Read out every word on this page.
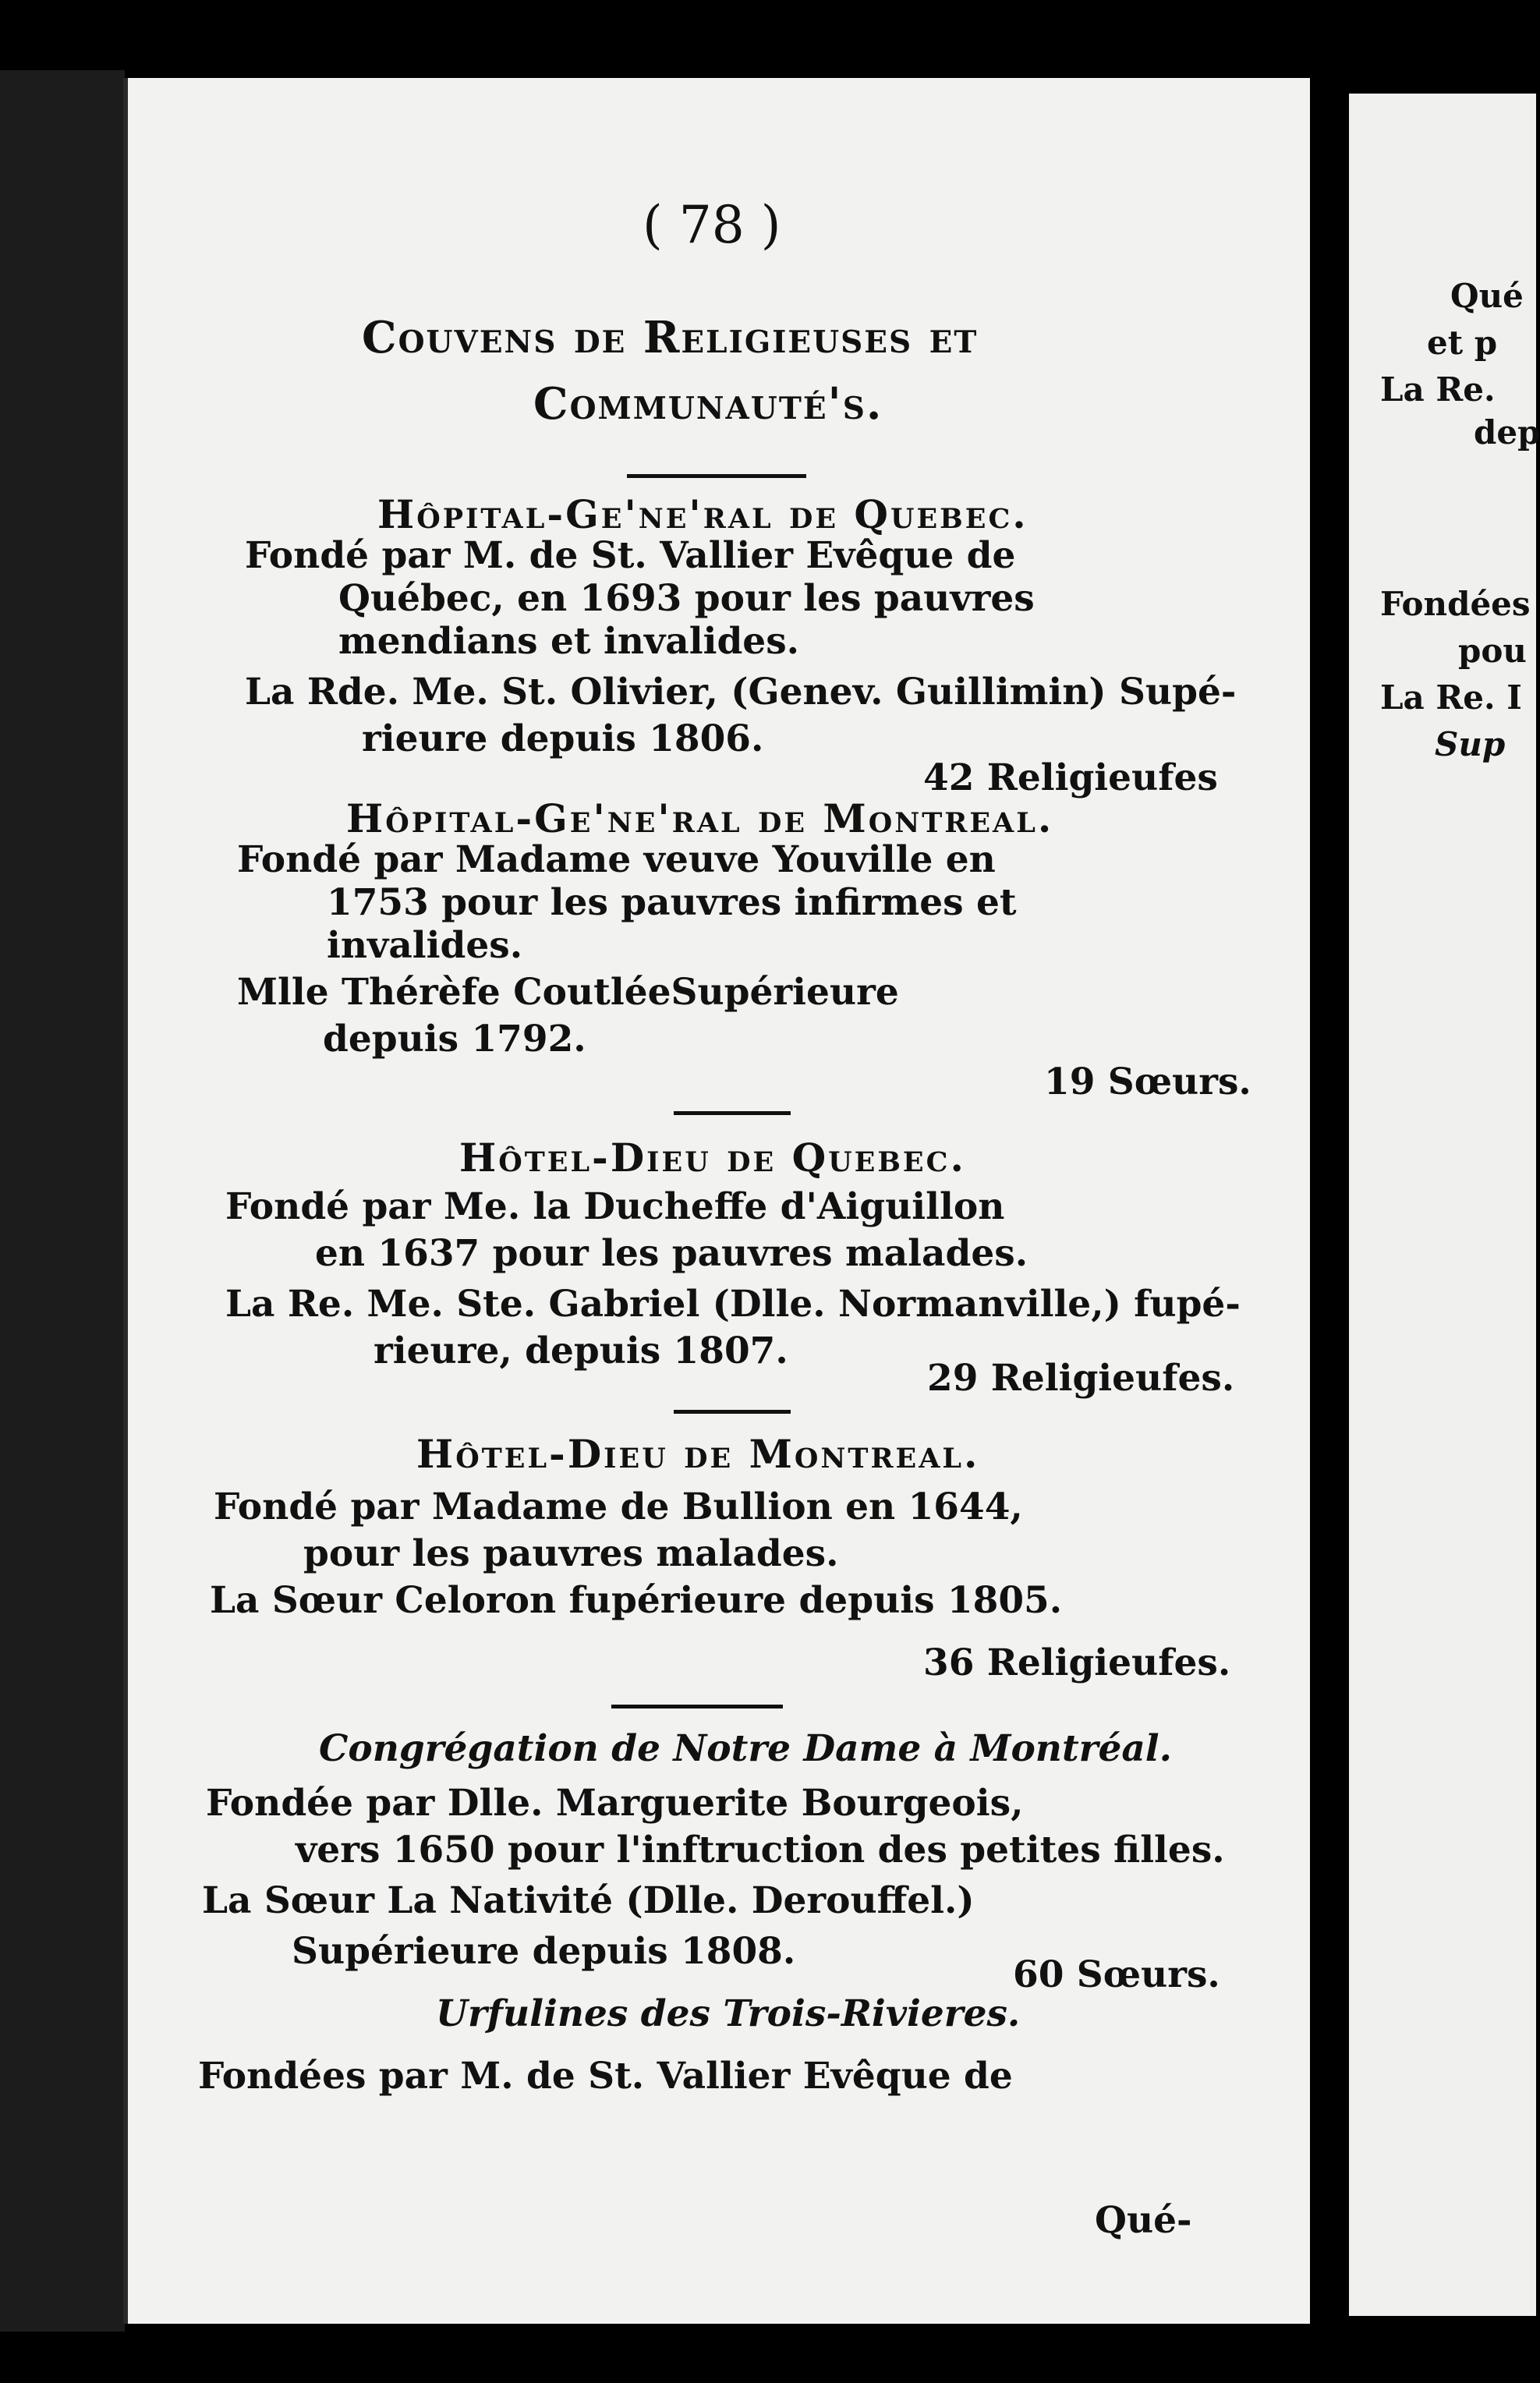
( 78 )
Couvens de Religieuses et
Communauté's.
Hôpital-Ge'ne'ral de Quebec.
Fondé par M. de St. Vallier Evêque de
Québec, en 1693 pour les pauvres
mendians et invalides.
La Rde. Me. St. Olivier, (Genev. Guillimin) Supé-
rieure depuis 1806.
42 Religieufes
Hôpital-Ge'ne'ral de Montreal.
Fondé par Madame veuve Youville en
1753 pour les pauvres infirmes et
invalides.
Mlle Thérèfe CoutléeSupérieure
depuis 1792.
19 Sœurs.
Hôtel-Dieu de Quebec.
Fondé par Me. la Ducheffe d'Aiguillon
en 1637 pour les pauvres malades.
La Re. Me. Ste. Gabriel (Dlle. Normanville,) fupé-
rieure, depuis 1807.
29 Religieufes.
Hôtel-Dieu de Montreal.
Fondé par Madame de Bullion en 1644,
pour les pauvres malades.
La Sœur Celoron fupérieure depuis 1805.
36 Religieufes.
Congrégation de Notre Dame à Montréal.
Fondée par Dlle. Marguerite Bourgeois,
vers 1650 pour l'inftruction des petites filles.
La Sœur La Nativité (Dlle. Derouffel.)
Supérieure depuis 1808.
60 Sœurs.
Urfulines des Trois-Rivieres.
Fondées par M. de St. Vallier Evêque de
Qué-
Qué
et p
La Re.
dep
Fondées
pou
La Re. I
Sup
